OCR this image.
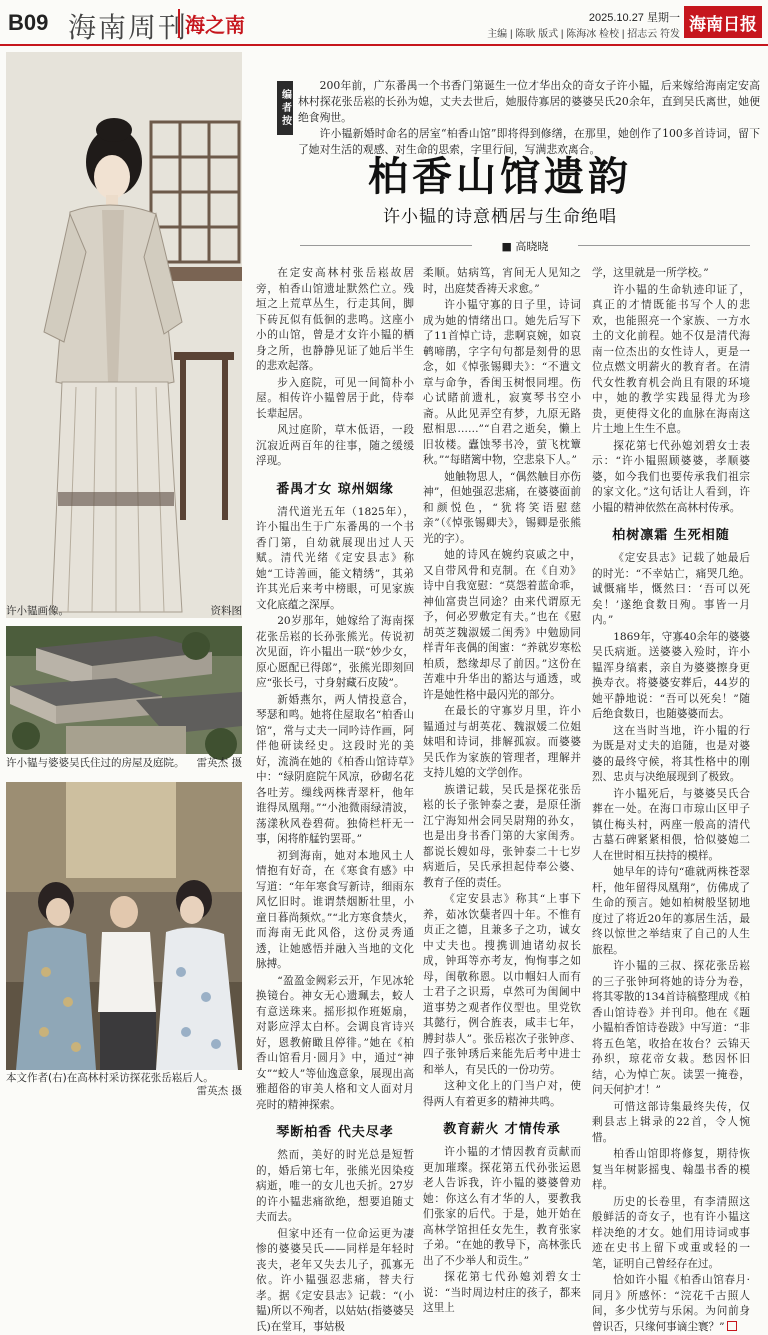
B09 海南周刊
海之南	2025.10.27 星期一
主编 | 陈耿 版式 | 陈海冰 检校 | 招志云 符发 海南日报
许小韫画像。	资料图
许小韫与婆婆吴氏住过的房屋及庭院。 雷英杰 摄
本文作者(右)在高林村采访探花张岳崧后人。
雷英杰 摄
编者按

200年前，广东番禺一个书香门第诞生一位才华出众的奇女子许小韫，后来嫁给海南定安高林村探花张岳崧的长孙为媳，丈夫去世后，她服侍寡居的婆婆吴氏20余年，直到吴氏离世，她便绝食殉世。

许小韫新婚时命名的居室“柏香山馆”即将得到修缮，在那里，她创作了100多首诗词，留下了她对生活的观感、对生命的思索，字里行间，写满悲欢离合。

柏香山馆遗韵
许小韫的诗意栖居与生命绝唱
■ 高晓晓

在定安高林村张岳崧故居旁，柏香山馆遗址默然伫立。残垣之上荒草丛生，行走其间，脚下砖瓦似有低徊的悲鸣。这座小小的山馆，曾是才女许小韫的栖身之所，也静静见证了她后半生的悲欢起落。

步入庭院，可见一间简朴小屋。相传许小韫曾居于此，侍奉长辈起居。

风过庭阶，草木低语，一段沉寂近两百年的往事，随之缓缓浮现。

番禺才女 琼州姻缘

清代道光五年（1825年），许小韫出生于广东番禺的一个书香门第，自幼就展现出过人天赋。清代光绪《定安县志》称她“工诗善画，能文精绣”，其弟许其光后来考中榜眼，可见家族文化底蕴之深厚。

20岁那年，她嫁给了海南探花张岳崧的长孙张熊光。传说初次见面，许小韫出一联“妙少女，原心愿配已得郎”，张熊光即刻回应“张长弓，寸身射藏石皮陵”。

新婚燕尔，两人情投意合，琴瑟和鸣。她将住屋取名“柏香山馆”，常与丈夫一同吟诗作画，阿伴他研读经史。这段时光的美好，流淌在她的《柏香山馆诗草》中：“绿阴庭院午风凉，砂砌名花各吐芳。缫线两株青翠杆，他年谁得凤凰翔。”“小池微雨绿清波，荡漾秋风卷碧荷。独倚栏杆无一事，闲将舴艋钓罢哥。”

初到海南，她对本地风土人情抱有好奇，在《寒食有感》中写道：“年年寒食写新诗，细雨东风忆旧时。谁谓禁烟断壮里，小童日暮尚频炊。”“北方寒食禁火，而海南无此风俗，这份灵秀通透，让她感悟并融入当地的文化脉搏。

“盈盈金阙彩云开，乍见冰轮换镜台。神女无心遗珮去，蛟人有意送珠来。摇形拟作班姬扇，对影应浮太白杯。会调良宵诗兴好，恩教俯瞰且停徘。”她在《柏香山馆看月·圆月》中，通过“神女”“蛟人”等仙逸意象，展现出高雅超俗的审美人格和文人面对月亮时的精神探索。

琴断柏香 代夫尽孝

然而，美好的时光总是短暂的，婚后第七年，张熊光因染疫病逝，唯一的女儿也夭折。27岁的许小韫悲痛欲绝，想要追随丈夫而去。

但家中还有一位命运更为凄惨的婆婆吴氏——同样是年轻时丧夫，老年又失去儿子，孤寡无依。许小韫强忍悲痛，替夫行孝。据《定安县志》记载：“(小韫)所以不殉者，以姑姑(指婆婆吴氏)在堂耳，事姑极

柔顺。姑病笃，宵间无人见知之时，出庭焚香祷天求愈。”

许小韫守寡的日子里，诗词成为她的情绪出口。她先后写下了11首悼亡诗，悲啊哀婉，如哀鹌啼鹃，字字句句都是刻骨的思念，如《悼张锡卿夫》：“不遣文章与命争，香闺玉树恨同埋。伤心试睹前遗札，寂寞琴书空小斋。从此见弄空有梦，九原无路慰相思……”“自君之逝矣，懒上旧妆楼。蠹蚀琴书冷，萤飞枕簟秋。”“每睹篱中物，空悲泉下人。”

她触物思人，“偶然触目亦伤神”，但她强忍悲痛，在婆婆面前和颜悦色，“犹将笑语慰慈亲”（《悼张锡卿夫》，锡卿是张熊光的字）。

她的诗风在婉约哀戚之中，又自带风骨和克制。在《自劝》诗中自我宽慰：“莫怨着蓝命乖，神仙富贵岂同途？由来代谓原无予，何必罗敷定有夫。”也在《慰胡英芝魏淑媛二闺秀》中勉励同样青年丧偶的闺蜜：“养就岁寒松柏质，愁缘却尽了前因。”这份在苦难中升华出的豁达与通透，或许是她性格中最闪光的部分。

在最长的守寡岁月里，许小韫通过与胡英花、魏淑媛二位姐妹唱和诗词，排解孤寂。而婆婆吴氏作为家族的管理者，理解并支持儿媳的文学创作。

族谱记载，吴氏是探花张岳崧的长子张钟泰之妻，是原任浙江宁海知州会同吴尉翔的孙女，也是出身书香门第的大家闺秀。都说长嫂如母，张钟泰二十七岁病逝后，吴氏承担起侍奉公婆、教育子侄的责任。

《定安县志》称其“上事下养，茹冰饮蘖者四十年。不惟有贞正之德，且兼多子之功，诚女中丈夫也。搜携训迪诸幼叔长成，钟珥等亦考友，恂恂事之如母，闺敬称恩。以巾帼妇人而有士君子之识焉，卓然可为闺阃中道事势之观者作仪型也。里党钦其懿行，例合旌表，咸丰七年，膊封恭人”。张岳崧次子张钟彦、四子张钟琇后来能先后考中进士和举人，有吴氏的一份功劳。

这种文化上的门当户对，使得两人有着更多的精神共鸣。

教育薪火 才情传承

许小韫的才情因教育贡献而更加璀璨。探花第五代孙张运恩老人告诉我，许小韫的婆婆曾劝她：你这么有才华的人，要教我们张家的后代。于是，她开始在高林学馆担任女先生，教育张家子弟。“在她的教导下，高林张氏出了不少举人和贡生。”

探花第七代孙媳刘碧女士说：“当时周边村庄的孩子，都来这里上

学，这里就是一所学校。”

许小韫的生命轨迹印证了，真正的才情既能书写个人的悲欢，也能照亮一个家族、一方水土的文化前程。她不仅是清代海南一位杰出的女性诗人，更是一位点燃文明薪火的教育者。在清代女性教育机会尚且有限的环境中，她的教学实践显得尤为珍贵，更使得文化的血脉在海南这片土地上生生不息。

探花第七代孙媳刘碧女士表示：“许小韫照顾婆婆，孝顺婆婆，如今我们也要传承我们祖宗的家文化。”这句话让人看到，许小韫的精神依然在高林村传承。

柏树凛霜 生死相随

《定安县志》记载了她最后的时光：“不幸姑亡，痛哭几绝。诚慨痛毕，慨然曰：‘吾可以死矣！’遂绝食数日殉。事皆一月内。”

1869年，守寡40余年的婆婆吴氏病逝。送婆婆入殓时，许小韫浑身缟素，亲自为婆婆擦身更换寿衣。将婆婆安葬后，44岁的她平静地说：“吾可以死矣！”随后绝食数日，也随婆婆而去。

这在当时当地，许小韫的行为既是对丈夫的追随，也是对婆婆的最终守候，将其性格中的刚烈、忠贞与决绝展现到了极致。

许小韫死后，与婆婆吴氏合葬在一处。在海口市琼山区甲子镇仕梅头村，两座一般高的清代古墓石碑紧紧相偎，恰似婆媳二人在世时相互扶持的模样。

她早年的诗句“碓就两株苍翠杆，他年留得凤凰翔”，仿佛成了生命的预言。她如柏树般坚韧地度过了将近20年的寡居生活，最终以惊世之举结束了自己的人生旅程。

许小韫的三叔、探花张岳崧的三子张钟珂将她的诗分为卷，将其零散的134首诗稿整理成《柏香山馆诗卷》并刊印。他在《题小韫柏香馆诗卷跋》中写道：“非将五色笔，收拾在妆台？云锦天孙织，琼花帝女栽。愁因怀旧结，心为悼亡灰。读罢一掩卷，问天何护才！”

可惜这部诗集最终失传，仅剩县志上辑录的22首，令人惋惜。

柏香山馆即将修复，期待恢复当年树影摇曳、翰墨书香的模样。

历史的长卷里，有李清照这般鲜活的奇女子，也有许小韫这样决绝的才女。她们用诗词或事迹在史书上留下或重或轻的一笔，证明自己曾经存在过。

恰如许小韫《柏香山馆春月·同月》所感怀：“浣花千古照人间，多少忧劳与乐闲。为问前身曾识否，只缘何事谪尘寰？”
